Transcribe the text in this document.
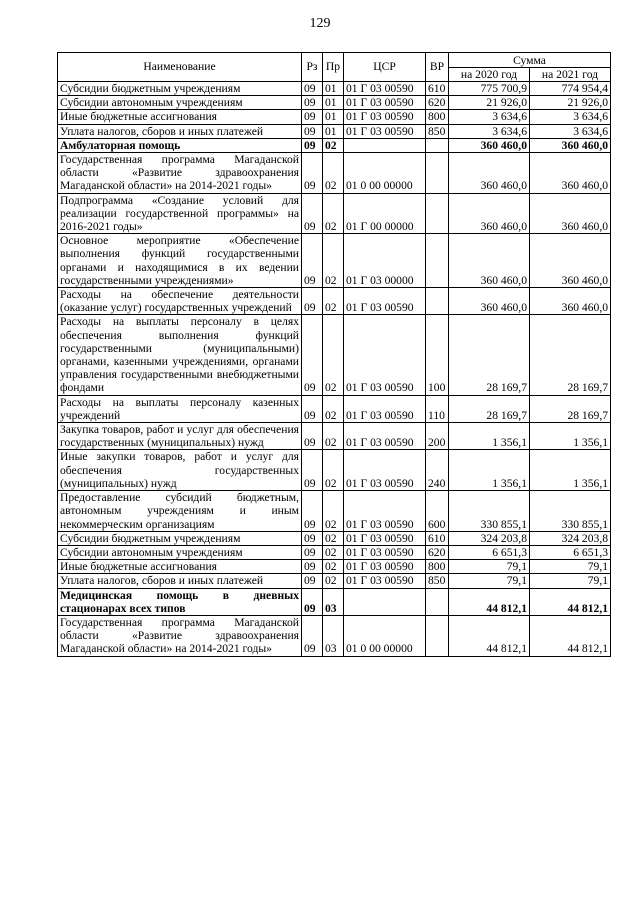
129
Наименование	Рз	Пр	ЦСР	ВР	Сумма	
					на 2020 год	на 2021 год
Субсидии бюджетным учреждениям	09	01	01 Г 03 00590	610	775 700,9	774 954,4
Субсидии автономным учреждениям	09	01	01 Г 03 00590	620	21 926,0	21 926,0
Иные бюджетные ассигнования	09	01	01 Г 03 00590	800	3 634,6	3 634,6
Уплата налогов, сборов и иных платежей	09	01	01 Г 03 00590	850	3 634,6	3 634,6
Амбулаторная помощь	09	02			360 460,0	360 460,0
Государственная программа Магаданской области «Развитие здравоохранения Магаданской области» на 2014-2021 годы»	09	02	01 0 00 00000		360 460,0	360 460,0
Подпрограмма «Создание условий для реализации государственной программы» на 2016-2021 годы»	09	02	01 Г 00 00000		360 460,0	360 460,0
Основное мероприятие «Обеспечение выполнения функций государственными органами и находящимися в их ведении государственными учреждениями»	09	02	01 Г 03 00000		360 460,0	360 460,0
Расходы на обеспечение деятельности (оказание услуг) государственных учреждений	09	02	01 Г 03 00590		360 460,0	360 460,0
Расходы на выплаты персоналу в целях обеспечения выполнения функций государственными (муниципальными) органами, казенными учреждениями, органами управления государственными внебюджетными фондами	09	02	01 Г 03 00590	100	28 169,7	28 169,7
Расходы на выплаты персоналу казенных учреждений	09	02	01 Г 03 00590	110	28 169,7	28 169,7
Закупка товаров, работ и услуг для обеспечения государственных (муниципальных) нужд	09	02	01 Г 03 00590	200	1 356,1	1 356,1
Иные закупки товаров, работ и услуг для обеспечения государственных (муниципальных) нужд	09	02	01 Г 03 00590	240	1 356,1	1 356,1
Предоставление субсидий бюджетным, автономным учреждениям и иным некоммерческим организациям	09	02	01 Г 03 00590	600	330 855,1	330 855,1
Субсидии бюджетным учреждениям	09	02	01 Г 03 00590	610	324 203,8	324 203,8
Субсидии автономным учреждениям	09	02	01 Г 03 00590	620	6 651,3	6 651,3
Иные бюджетные ассигнования	09	02	01 Г 03 00590	800	79,1	79,1
Уплата налогов, сборов и иных платежей	09	02	01 Г 03 00590	850	79,1	79,1
Медицинская помощь в дневных стационарах всех типов	09	03			44 812,1	44 812,1
Государственная программа Магаданской области «Развитие здравоохранения Магаданской области» на 2014-2021 годы»	09	03	01 0 00 00000		44 812,1	44 812,1
